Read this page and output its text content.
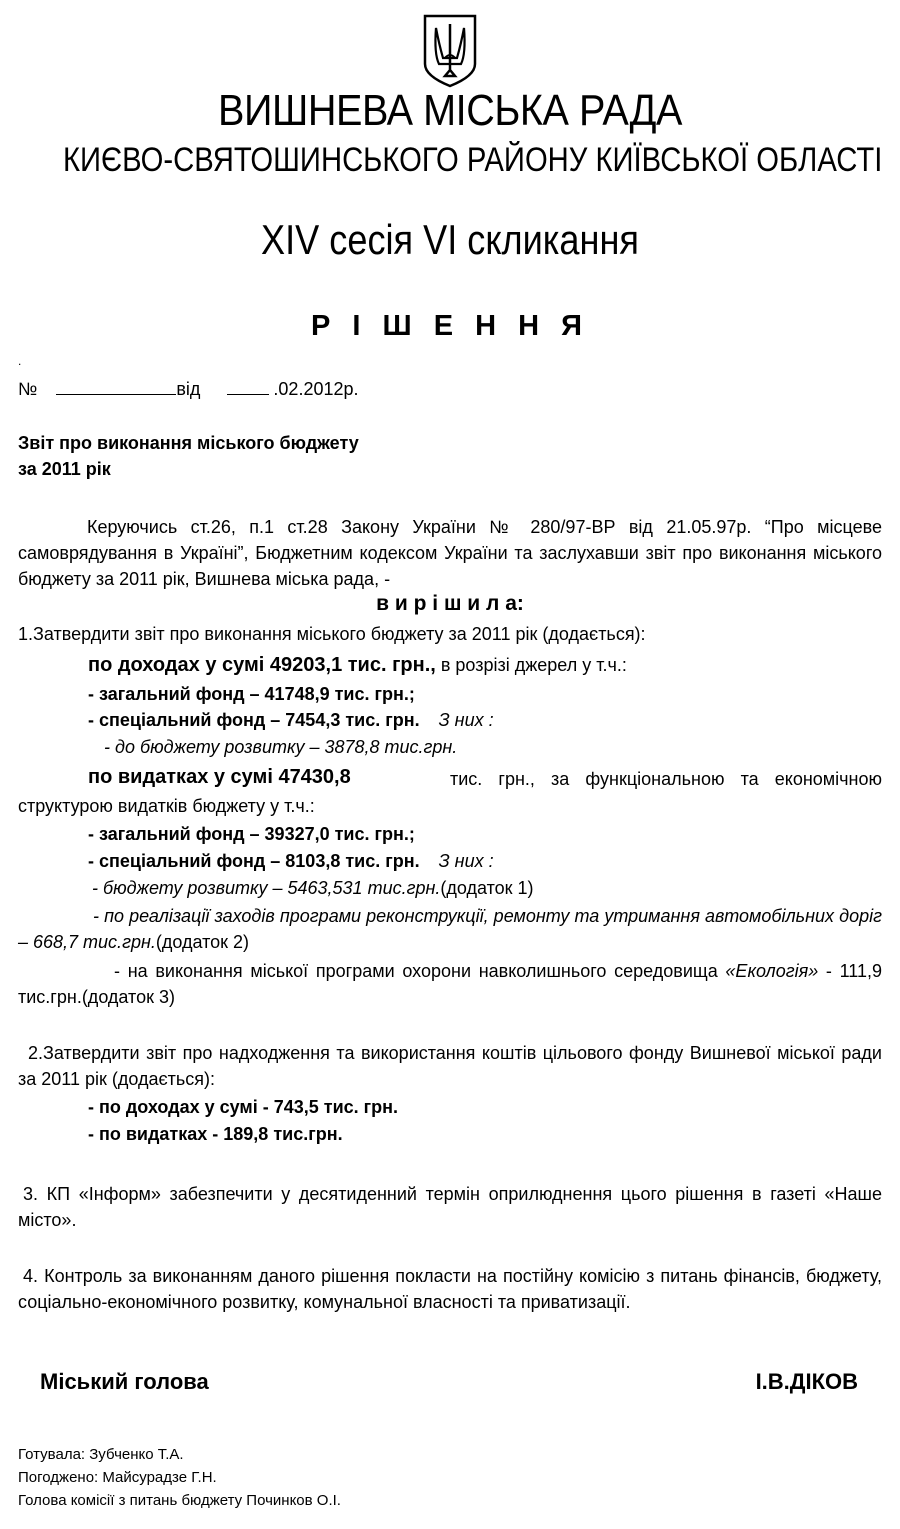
ВИШНЕВА МІСЬКА РАДА
КИЄВО-СВЯТОШИНСЬКОГО РАЙОНУ КИЇВСЬКОЇ ОБЛАСТІ
XIV сесія VI скликання
Р І Ш Е Н Н Я
.
№	від	.02.2012р.
Звіт про виконання міського бюджету
за 2011 рік
Керуючись ст.26, п.1 ст.28 Закону України № 280/97-ВР від 21.05.97р. “Про місцеве самоврядування в Україні”, Бюджетним кодексом України та заслухавши звіт про виконання міського бюджету за 2011 рік, Вишнева міська рада, -
в и р і ш и л а:
1.Затвердити звіт про виконання міського бюджету за 2011 рік (додається):
по доходах у сумі 49203,1 тис. грн., в розрізі джерел у т.ч.:
- загальний фонд – 41748,9 тис. грн.;
- спеціальний фонд – 7454,3 тис. грн. З них :
- до бюджету розвитку – 3878,8 тис.грн.
по видатках у сумі 47430,8	тис. грн., за функціональною та економічною
структурою видатків бюджету у т.ч.:
- загальний фонд – 39327,0 тис. грн.;
- спеціальний фонд – 8103,8 тис. грн. З них :
- бюджету розвитку – 5463,531 тис.грн.(додаток 1)
- по реалізації заходів програми реконструкції, ремонту та утримання автомобільних доріг – 668,7 тис.грн.(додаток 2)
- на виконання міської програми охорони навколишнього середовища «Екологія» - 111,9 тис.грн.(додаток 3)
2.Затвердити звіт про надходження та використання коштів цільового фонду Вишневої міської ради за 2011 рік (додається):
- по доходах у сумі - 743,5 тис. грн.
- по видатках - 189,8 тис.грн.
3. КП «Інформ» забезпечити у десятиденний термін оприлюднення цього рішення в газеті «Наше місто».
4. Контроль за виконанням даного рішення покласти на постійну комісію з питань фінансів, бюджету, соціально-економічного розвитку, комунальної власності та приватизації.
Міський голова	І.В.ДІКОВ
Готувала: Зубченко Т.А.
Погоджено: Майсурадзе Г.Н.
Голова комісії з питань бюджету Починков О.І.
